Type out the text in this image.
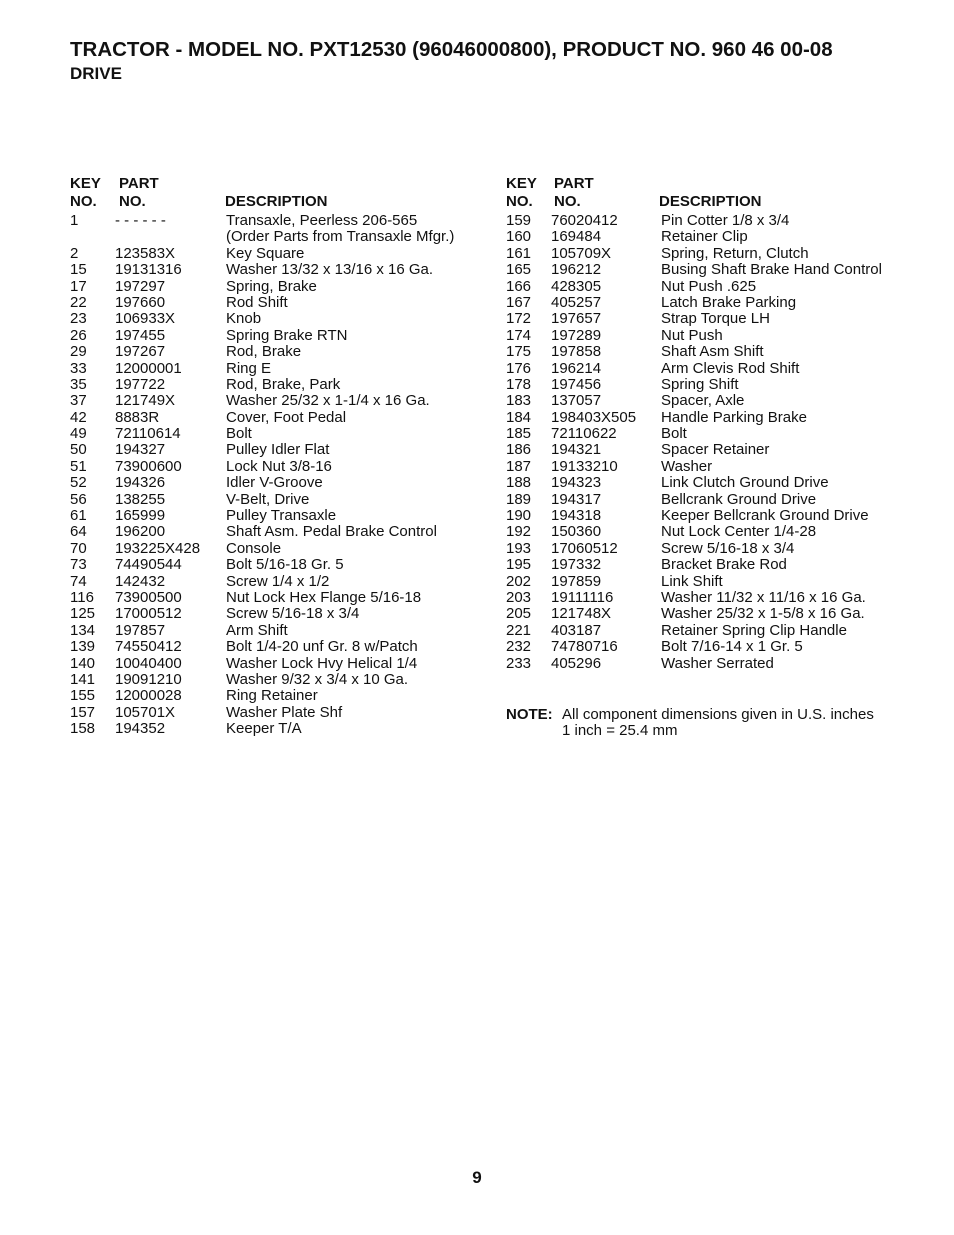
TRACTOR - MODEL NO. PXT12530 (96046000800), PRODUCT NO. 960 46 00-08
DRIVE
KEY
NO.
PART
NO.	DESCRIPTION
1 - - - - - -	Transaxle, Peerless 206-565
(Order Parts from Transaxle Mfgr.)
2 123583X	Key Square
15 19131316	Washer 13/32 x 13/16 x 16 Ga.
17 197297	Spring, Brake
22 197660	Rod Shift
23 106933X	Knob
26 197455	Spring Brake RTN
29 197267	Rod, Brake
33 12000001	Ring E
35 197722	Rod, Brake, Park
37 121749X	Washer 25/32 x 1-1/4 x 16 Ga.
42 8883R	Cover, Foot Pedal
49 72110614	Bolt
50 194327	Pulley Idler Flat
51 73900600	Lock Nut 3/8-16
52 194326	Idler V-Groove
56 138255	V-Belt, Drive
61 165999	Pulley Transaxle
64 196200	Shaft Asm. Pedal Brake Control
70 193225X428 Console
73 74490544	Bolt 5/16-18 Gr. 5
74 142432	Screw 1/4 x 1/2
116 73900500	Nut Lock Hex Flange 5/16-18
125 17000512	Screw 5/16-18 x 3/4
134 197857	Arm Shift
139 74550412	Bolt 1/4-20 unf Gr. 8 w/Patch
140 10040400	Washer Lock Hvy Helical 1/4
141 19091210	Washer 9/32 x 3/4 x 10 Ga.
155 12000028	Ring Retainer
157 105701X	Washer Plate Shf
158 194352	Keeper T/A
KEY
NO.
PART
NO.	DESCRIPTION
159 76020412	Pin Cotter 1/8 x 3/4
160 169484	Retainer Clip
161 105709X	Spring, Return, Clutch
165 196212	Busing Shaft Brake Hand Control
166 428305	Nut Push .625
167 405257	Latch Brake Parking
172 197657	Strap Torque LH
174 197289	Nut Push
175 197858	Shaft Asm Shift
176 196214	Arm Clevis Rod Shift
178 197456	Spring Shift
183 137057	Spacer, Axle
184 198403X505 Handle Parking Brake
185 72110622	Bolt
186 194321	Spacer Retainer
187 19133210	Washer
188 194323	Link Clutch Ground Drive
189 194317	Bellcrank Ground Drive
190 194318	Keeper Bellcrank Ground Drive
192 150360	Nut Lock Center 1/4-28
193 17060512	Screw 5/16-18 x 3/4
195 197332	Bracket Brake Rod
202 197859	Link Shift
203 19111116	Washer 11/32 x 11/16 x 16 Ga.
205 121748X	Washer 25/32 x 1-5/8 x 16 Ga.
221 403187	Retainer Spring Clip Handle
232 74780716	Bolt 7/16-14 x 1 Gr. 5
233 405296	Washer Serrated
NOTE: All component dimensions given in U.S. inches
1 inch = 25.4 mm
9
